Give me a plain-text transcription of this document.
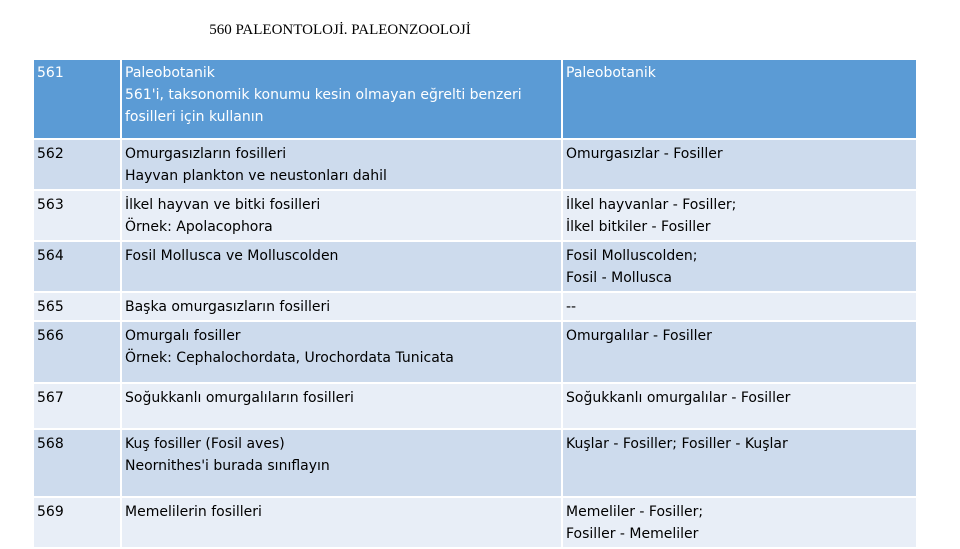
560 PALEONTOLOJİ. PALEONZOOLOJİ
561	Paleobotanik
561'i, taksonomik konumu kesin olmayan eğrelti benzeri
fosilleri için kullanın	Paleobotanik

562	Omurgasızların fosilleri
Hayvan plankton ve neustonları dahil	Omurgasızlar - Fosiller

563	İlkel hayvan ve bitki fosilleri
Örnek: Apolacophora	İlkel hayvanlar - Fosiller;
İlkel bitkiler - Fosiller

564	Fosil Mollusca ve Molluscolden	Fosil Molluscolden;
Fosil - Mollusca

565	Başka omurgasızların fosilleri	--

566	Omurgalı fosiller
Örnek: Cephalochordata, Urochordata Tunicata	Omurgalılar - Fosiller

567	Soğukkanlı omurgalıların fosilleri	Soğukkanlı omurgalılar - Fosiller

568	Kuş fosiller (Fosil aves)
Neornithes'i burada sınıflayın	Kuşlar - Fosiller; Fosiller - Kuşlar

569	Memelilerin fosilleri	Memeliler - Fosiller;
Fosiller - Memeliler
